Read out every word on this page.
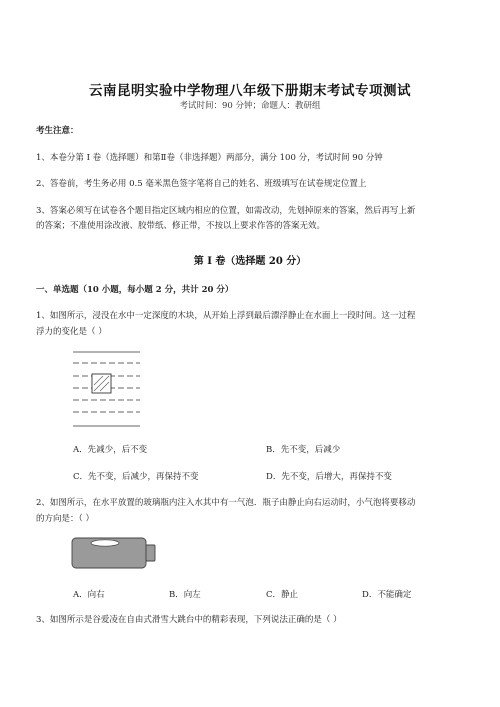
云南昆明实验中学物理八年级下册期末考试专项测试
考试时间：90 分钟；命题人：教研组
考生注意：
1、本卷分第 I 卷（选择题）和第Ⅱ卷（非选择题）两部分，满分 100 分，考试时间 90 分钟
2、答卷前，考生务必用 0.5 毫米黑色签字笔将自己的姓名、班级填写在试卷规定位置上
3、答案必须写在试卷各个题目指定区域内相应的位置，如需改动，先划掉原来的答案，然后再写上新
的答案；不准使用涂改液、胶带纸、修正带，不按以上要求作答的答案无效。
第 I 卷（选择题 20 分）
一、单选题（10 小题，每小题 2 分，共计 20 分）
1、如图所示，浸没在水中一定深度的木块，从开始上浮到最后漂浮静止在水面上一段时间。这一过程
浮力的变化是（ ）
A．先减少，后不变	B．先不变，后减少
C．先不变，后减少，再保持不变	D．先不变，后增大，再保持不变
2、如图所示，在水平放置的玻璃瓶内注入水其中有一气泡．瓶子由静止向右运动时，小气泡将要移动
的方向是：（ ）
A．向右	B．向左	C．静止	D．不能确定
3、如图所示是谷爱凌在自由式滑雪大跳台中的精彩表现，下列说法正确的是（ ）
